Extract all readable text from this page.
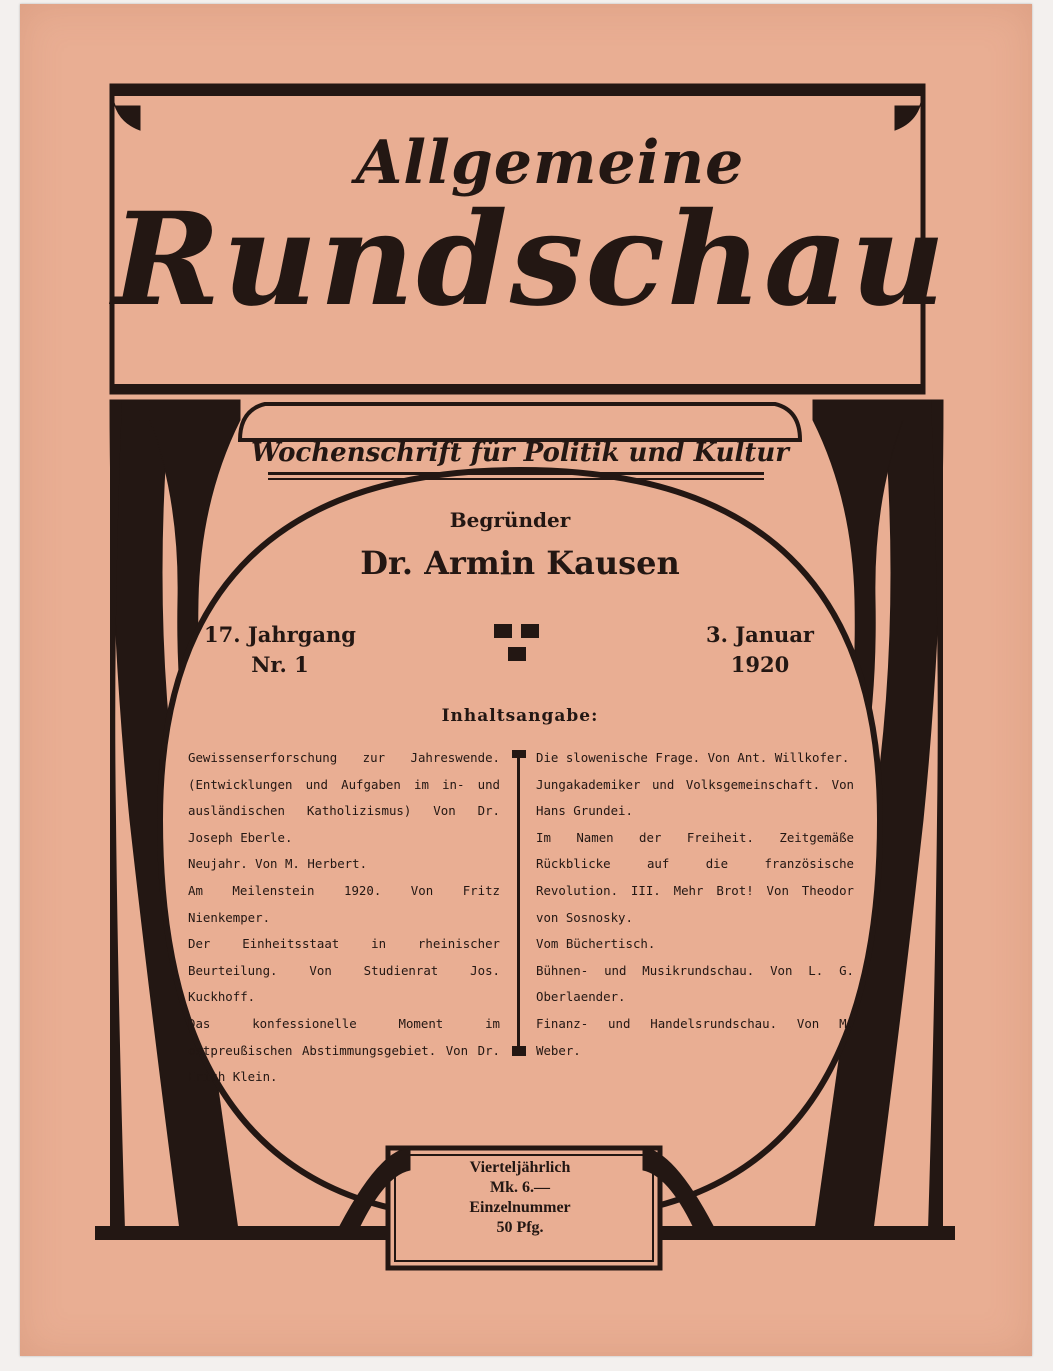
Allgemeine
Rundschau
Wochenschrift für Politik und Kultur
Begründer
Dr. Armin Kausen
17. Jahrgang
Nr. 1
3. Januar
1920
Inhaltsangabe:
Gewissenserforschung zur Jahreswende. (Entwicklungen und Aufgaben im in- und ausländischen Katholizismus) Von Dr. Joseph Eberle.
Neujahr. Von M. Herbert.
Am Meilenstein 1920. Von Fritz Nienkemper.
Der Einheitsstaat in rheinischer Beurteilung. Von Studienrat Jos. Kuckhoff.
Das konfessionelle Moment im ostpreußischen Abstimmungsgebiet. Von Dr. Erich Klein.
Die slowenische Frage. Von Ant. Willkofer.
Jungakademiker und Volksgemeinschaft. Von Hans Grundei.
Im Namen der Freiheit. Zeitgemäße Rückblicke auf die französische Revolution. III. Mehr Brot! Von Theodor von Sosnosky.
Vom Büchertisch.
Bühnen- und Musikrundschau. Von L. G. Oberlaender.
Finanz- und Handelsrundschau. Von M. Weber.
Vierteljährlich
Mk. 6.—
Einzelnummer
50 Pfg.
